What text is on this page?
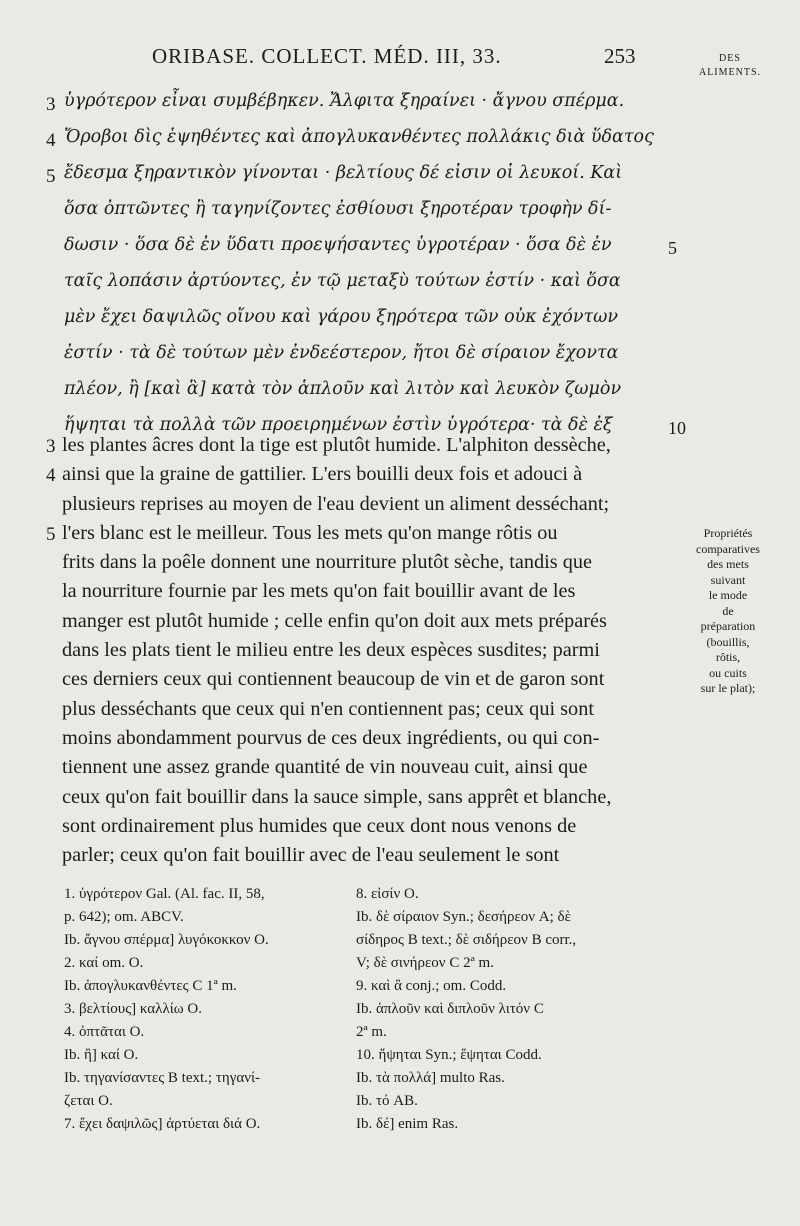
ORIBASE. COLLECT. MÉD. III, 33.	253	DES
ALIMENTS.
3 ὑγρότερον εἶναι συμβέβηκεν. Ἄλφιτα ξηραίνει · ἄγνου σπέρμα.
4 Ὄροβοι δὶς ἑψηθέντες καὶ ἀπογλυκανθέντες πολλάκις διὰ ὕδατος
5 ἔδεσμα ξηραντικὸν γίνονται · βελτίους δέ εἰσιν οἱ λευκοί. Καὶ
ὅσα ὀπτῶντες ἢ ταγηνίζοντες ἐσθίουσι ξηροτέραν τροφὴν δί-
δωσιν · ὅσα δὲ ἐν ὕδατι προεψήσαντες ὑγροτέραν · ὅσα δὲ ἐν	5
ταῖς λοπάσιν ἀρτύοντες, ἐν τῷ μεταξὺ τούτων ἐστίν · καὶ ὅσα
μὲν ἔχει δαψιλῶς οἴνου καὶ γάρου ξηρότερα τῶν οὐκ ἐχόντων
ἐστίν · τὰ δὲ τούτων μὲν ἐνδεέστερον, ἤτοι δὲ σίραιον ἔχοντα
πλέον, ἢ [καὶ ἃ] κατὰ τὸν ἁπλοῦν καὶ λιτὸν καὶ λευκὸν ζωμὸν
ἥψηται τὰ πολλὰ τῶν προειρημένων ἐστὶν ὑγρότερα· τὰ δὲ ἐξ	10
3 les plantes âcres dont la tige est plutôt humide. L'alphiton dessèche,
4 ainsi que la graine de gattilier. L'ers bouilli deux fois et adouci à
plusieurs reprises au moyen de l'eau devient un aliment desséchant;
5 l'ers blanc est le meilleur. Tous les mets qu'on mange rôtis ou
frits dans la poêle donnent une nourriture plutôt sèche, tandis que
la nourriture fournie par les mets qu'on fait bouillir avant de les
manger est plutôt humide ; celle enfin qu'on doit aux mets préparés
dans les plats tient le milieu entre les deux espèces susdites; parmi
ces derniers ceux qui contiennent beaucoup de vin et de garon sont
plus desséchants que ceux qui n'en contiennent pas; ceux qui sont
moins abondamment pourvus de ces deux ingrédients, ou qui con-
tiennent une assez grande quantité de vin nouveau cuit, ainsi que
ceux qu'on fait bouillir dans la sauce simple, sans apprêt et blanche,
sont ordinairement plus humides que ceux dont nous venons de
parler; ceux qu'on fait bouillir avec de l'eau seulement le sont
Propriétés
comparatives
des mets
suivant
le mode
de
préparation
(bouillis,
rôtis,
ou cuits
sur le plat);
1. ὑγρότερον Gal. (Al. fac. II, 58,
p. 642); om. ABCV.
Ib. ἄγνου σπέρμα] λυγόκοκκον O.
2. καί om. O.
Ib. ἀπογλυκανθέντες C 1ª m.
3. βελτίους] καλλίω O.
4. ὀπτᾶται O.
Ib. ἢ] καί O.
Ib. τηγανίσαντες B text.; τηγανί-
ζεται O.
7. ἔχει δαψιλῶς] ἀρτύεται διά O.
8. εἰσίν O.
Ib. δὲ σίραιον Syn.; δεσήρεον A; δὲ
σίδηρος B text.; δὲ σιδήρεον B corr.,
V; δὲ σινήρεον C 2ª m.
9. καὶ ἃ conj.; om. Codd.
Ib. ἁπλοῦν καὶ διπλοῦν λιτόν C
2ª m.
10. ἥψηται Syn.; ἕψηται Codd.
Ib. τὰ πολλά] multo Ras.
Ib. τό AB.
Ib. δέ] enim Ras.
